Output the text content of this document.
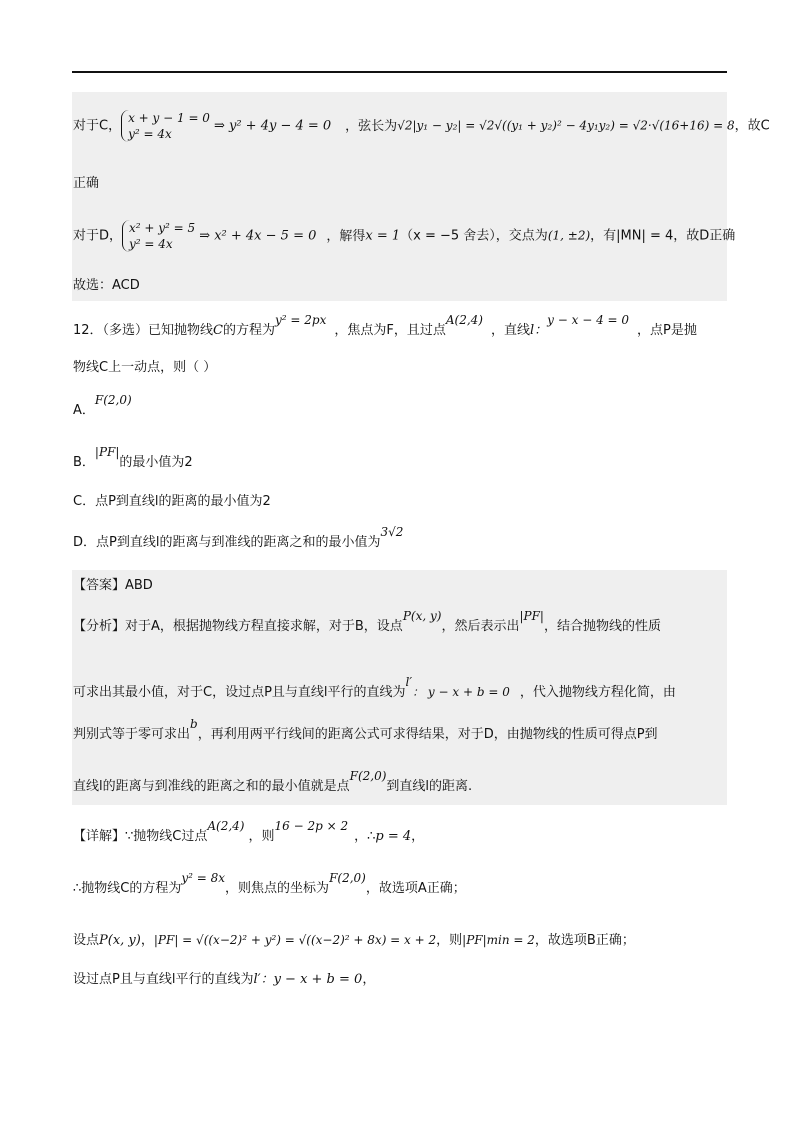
对于C，x + y − 1 = 0
y² = 4x⇒ y² + 4y − 4 = 0 ，弦长为√2|y₁ − y₂| = √2√((y₁ + y₂)² − 4y₁y₂) = √2·√(16+16) = 8，故C
正确
对于D，x² + y² = 5
y² = 4x⇒ x² + 4x − 5 = 0 ，解得x = 1（x = −5 舍去），交点为(1, ±2)，有|MN| = 4，故D正确
故选：ACD
12．（多选）已知抛物线C的方程为y² = 2px，焦点为F，且过点A(2,4)，直线l：y − x − 4 = 0，点P是抛
物线C上一动点，则（ ）
A．F(2,0)
B．|PF|的最小值为2
C．点P到直线l的距离的最小值为2
D．点P到直线l的距离与到准线的距离之和的最小值为3√2
【答案】ABD
【分析】对于A，根据抛物线方程直接求解，对于B，设点P(x, y)，然后表示出|PF|，结合抛物线的性质
可求出其最小值，对于C，设过点P且与直线l平行的直线为l′： y − x + b = 0 ，代入抛物线方程化简，由
判别式等于零可求出b，再利用两平行线间的距离公式可求得结果，对于D，由抛物线的性质可得点P到
直线l的距离与到准线的距离之和的最小值就是点F(2,0)到直线l的距离.
【详解】∵抛物线C过点A(2,4)，则16 − 2p × 2，∴p = 4，
∴抛物线C的方程为y² = 8x，则焦点的坐标为F(2,0)，故选项A正确；
设点P(x, y)，|PF| = √((x−2)² + y²) = √((x−2)² + 8x) = x + 2，则|PF|min = 2，故选项B正确；
设过点P且与直线l平行的直线为l′：y − x + b = 0，
